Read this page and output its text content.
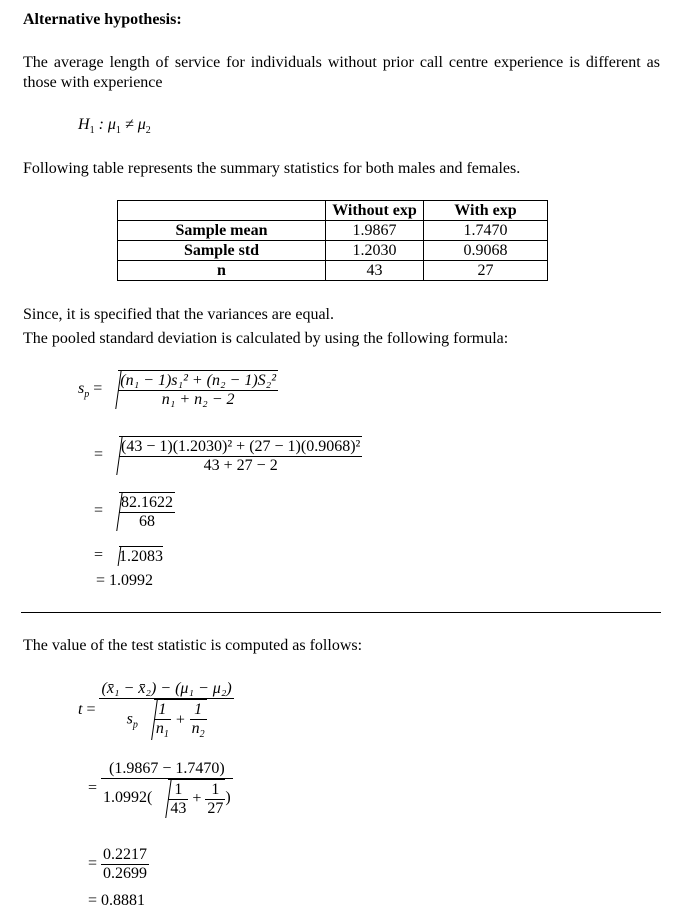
Alternative hypothesis:
The average length of service for individuals without prior call centre experience is different as those with experience
$H_1$ : $\mu_1 \ne \mu_2$
Following table represents the summary statistics for both males and females.
	Without exp	With exp
Sample mean	1.9867	1.7470
Sample std	1.2030	0.9068
n	43	27
Since, it is specified that the variances are equal.
The pooled standard deviation is calculated by using the following formula:
$s_p = \frac{\text{(n₁ − 1)s₁² + (n₂ − 1)S₂²}}{\text{n₁ + n₂ − 2}}$
= $\frac{\text{(43 − 1)(1.2030)² + (27 − 1)(0.9068)²}}{43 + 27 - 2}$
= $\frac{82.1622}{68}$
= 1.2083
= 1.0992
The value of the test statistic is computed as follows:
$t = \frac{\text{(x̄₁ − x̄₂) − (μ₁ − μ₂)}}{s_p \frac{1}{n_1} + \frac{1}{n_2}}$
= $\frac{(1.9867 - 1.7470)}{1.0992( \frac{1}{43} + \frac{1}{27} )}$
= $\frac{0.2217}{0.2699}$
= 0.8881
